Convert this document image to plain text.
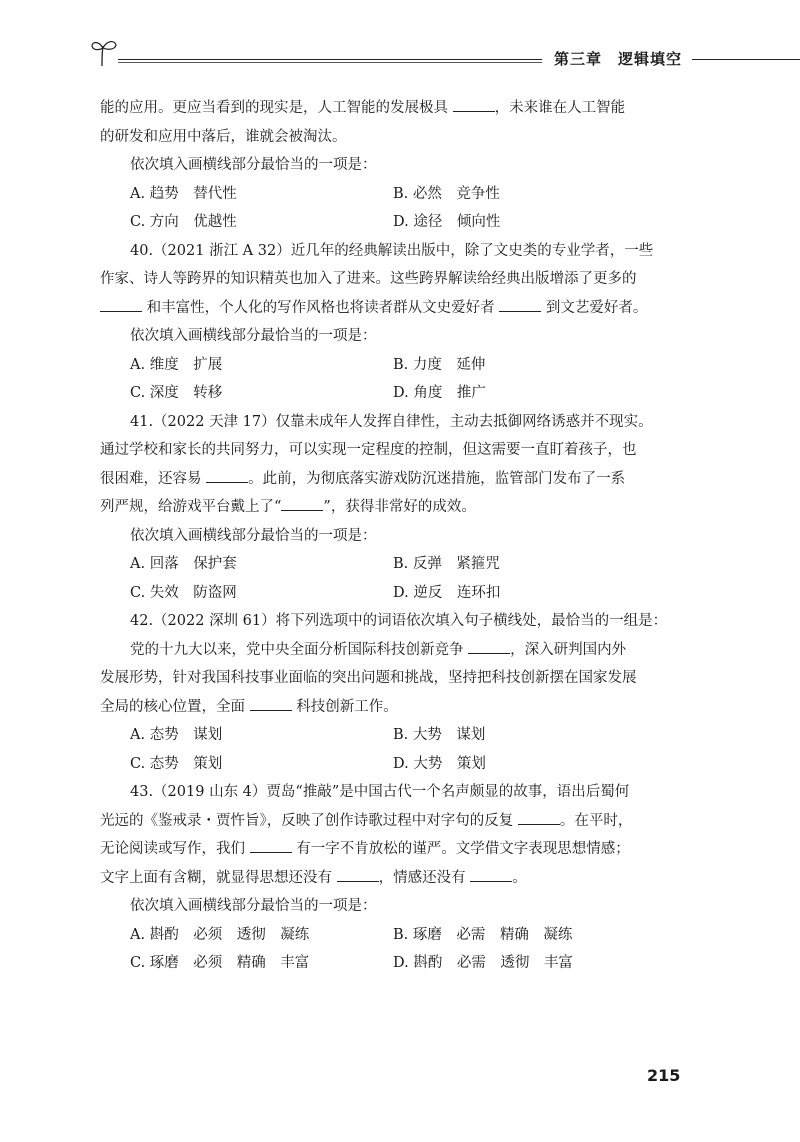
第三章　逻辑填空

能的应用。更应当看到的现实是，人工智能的发展极具	，未来谁在人工智能

的研发和应用中落后，谁就会被淘汰。

依次填入画横线部分最恰当的一项是：

A. 趋势　替代性	B. 必然　竞争性
C. 方向　优越性	D. 途径　倾向性

40.（2021 浙江 A 32）近几年的经典解读出版中，除了文史类的专业学者，一些

作家、诗人等跨界的知识精英也加入了进来。这些跨界解读给经典出版增添了更多的

和丰富性，个人化的写作风格也将读者群从文史爱好者	到文艺爱好者。

依次填入画横线部分最恰当的一项是：

A. 维度　扩展	B. 力度　延伸
C. 深度　转移	D. 角度　推广

41.（2022 天津 17）仅靠未成年人发挥自律性，主动去抵御网络诱惑并不现实。

通过学校和家长的共同努力，可以实现一定程度的控制，但这需要一直盯着孩子，也

很困难，还容易	。此前，为彻底落实游戏防沉迷措施，监管部门发布了一系

列严规，给游戏平台戴上了“	”，获得非常好的成效。

依次填入画横线部分最恰当的一项是：

A. 回落　保护套	B. 反弹　紧箍咒
C. 失效　防盗网	D. 逆反　连环扣

42.（2022 深圳 61）将下列选项中的词语依次填入句子横线处，最恰当的一组是：

党的十九大以来，党中央全面分析国际科技创新竞争	，深入研判国内外

发展形势，针对我国科技事业面临的突出问题和挑战，坚持把科技创新摆在国家发展

全局的核心位置，全面	科技创新工作。

A. 态势　谋划	B. 大势　谋划
C. 态势　策划	D. 大势　策划

43.（2019 山东 4）贾岛“推敲”是中国古代一个名声颇显的故事，语出后蜀何

光远的《鉴戒录・贾忤旨》，反映了创作诗歌过程中对字句的反复	。在平时，

无论阅读或写作，我们	有一字不肯放松的谨严。文学借文字表现思想情感；

文字上面有含糊，就显得思想还没有	，情感还没有	。

依次填入画横线部分最恰当的一项是：

A. 斟酌　必须　透彻　凝练	B. 琢磨　必需　精确　凝练
C. 琢磨　必须　精确　丰富	D. 斟酌　必需　透彻　丰富
215
